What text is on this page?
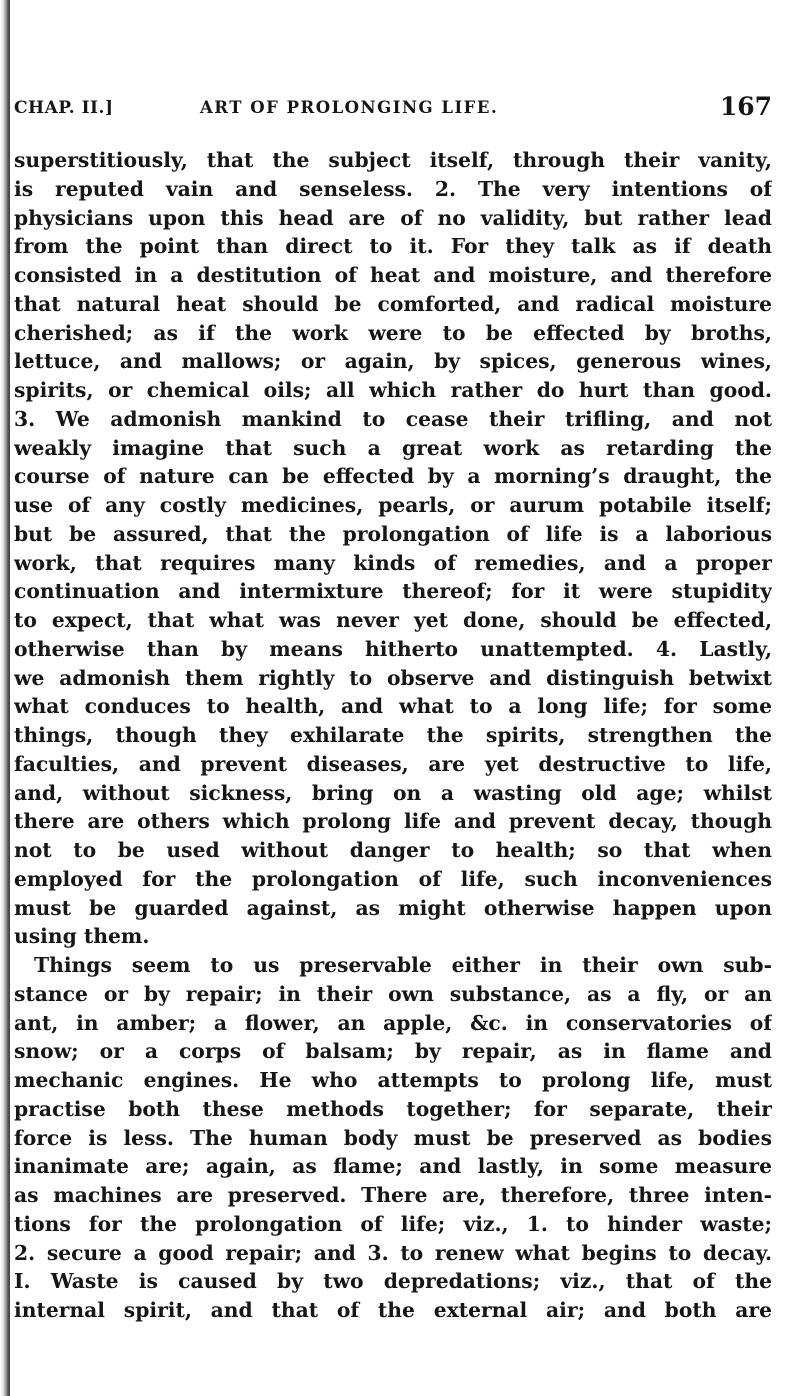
CHAP. II.]	ART OF PROLONGING LIFE.	167
superstitiously, that the subject itself, through their vanity,
is reputed vain and senseless. 2. The very intentions of
physicians upon this head are of no validity, but rather lead
from the point than direct to it. For they talk as if death
consisted in a destitution of heat and moisture, and therefore
that natural heat should be comforted, and radical moisture
cherished; as if the work were to be effected by broths,
lettuce, and mallows; or again, by spices, generous wines,
spirits, or chemical oils; all which rather do hurt than good.
3. We admonish mankind to cease their trifling, and not
weakly imagine that such a great work as retarding the
course of nature can be effected by a morning’s draught, the
use of any costly medicines, pearls, or aurum potabile itself;
but be assured, that the prolongation of life is a laborious
work, that requires many kinds of remedies, and a proper
continuation and intermixture thereof; for it were stupidity
to expect, that what was never yet done, should be effected,
otherwise than by means hitherto unattempted. 4. Lastly,
we admonish them rightly to observe and distinguish betwixt
what conduces to health, and what to a long life; for some
things, though they exhilarate the spirits, strengthen the
faculties, and prevent diseases, are yet destructive to life,
and, without sickness, bring on a wasting old age; whilst
there are others which prolong life and prevent decay, though
not to be used without danger to health; so that when
employed for the prolongation of life, such inconveniences
must be guarded against, as might otherwise happen upon
using them.
Things seem to us preservable either in their own sub-
stance or by repair; in their own substance, as a fly, or an
ant, in amber; a flower, an apple, &c. in conservatories of
snow; or a corps of balsam; by repair, as in flame and
mechanic engines. He who attempts to prolong life, must
practise both these methods together; for separate, their
force is less. The human body must be preserved as bodies
inanimate are; again, as flame; and lastly, in some measure
as machines are preserved. There are, therefore, three inten-
tions for the prolongation of life; viz., 1. to hinder waste;
2. secure a good repair; and 3. to renew what begins to decay.
I. Waste is caused by two depredations; viz., that of the
internal spirit, and that of the external air; and both are
